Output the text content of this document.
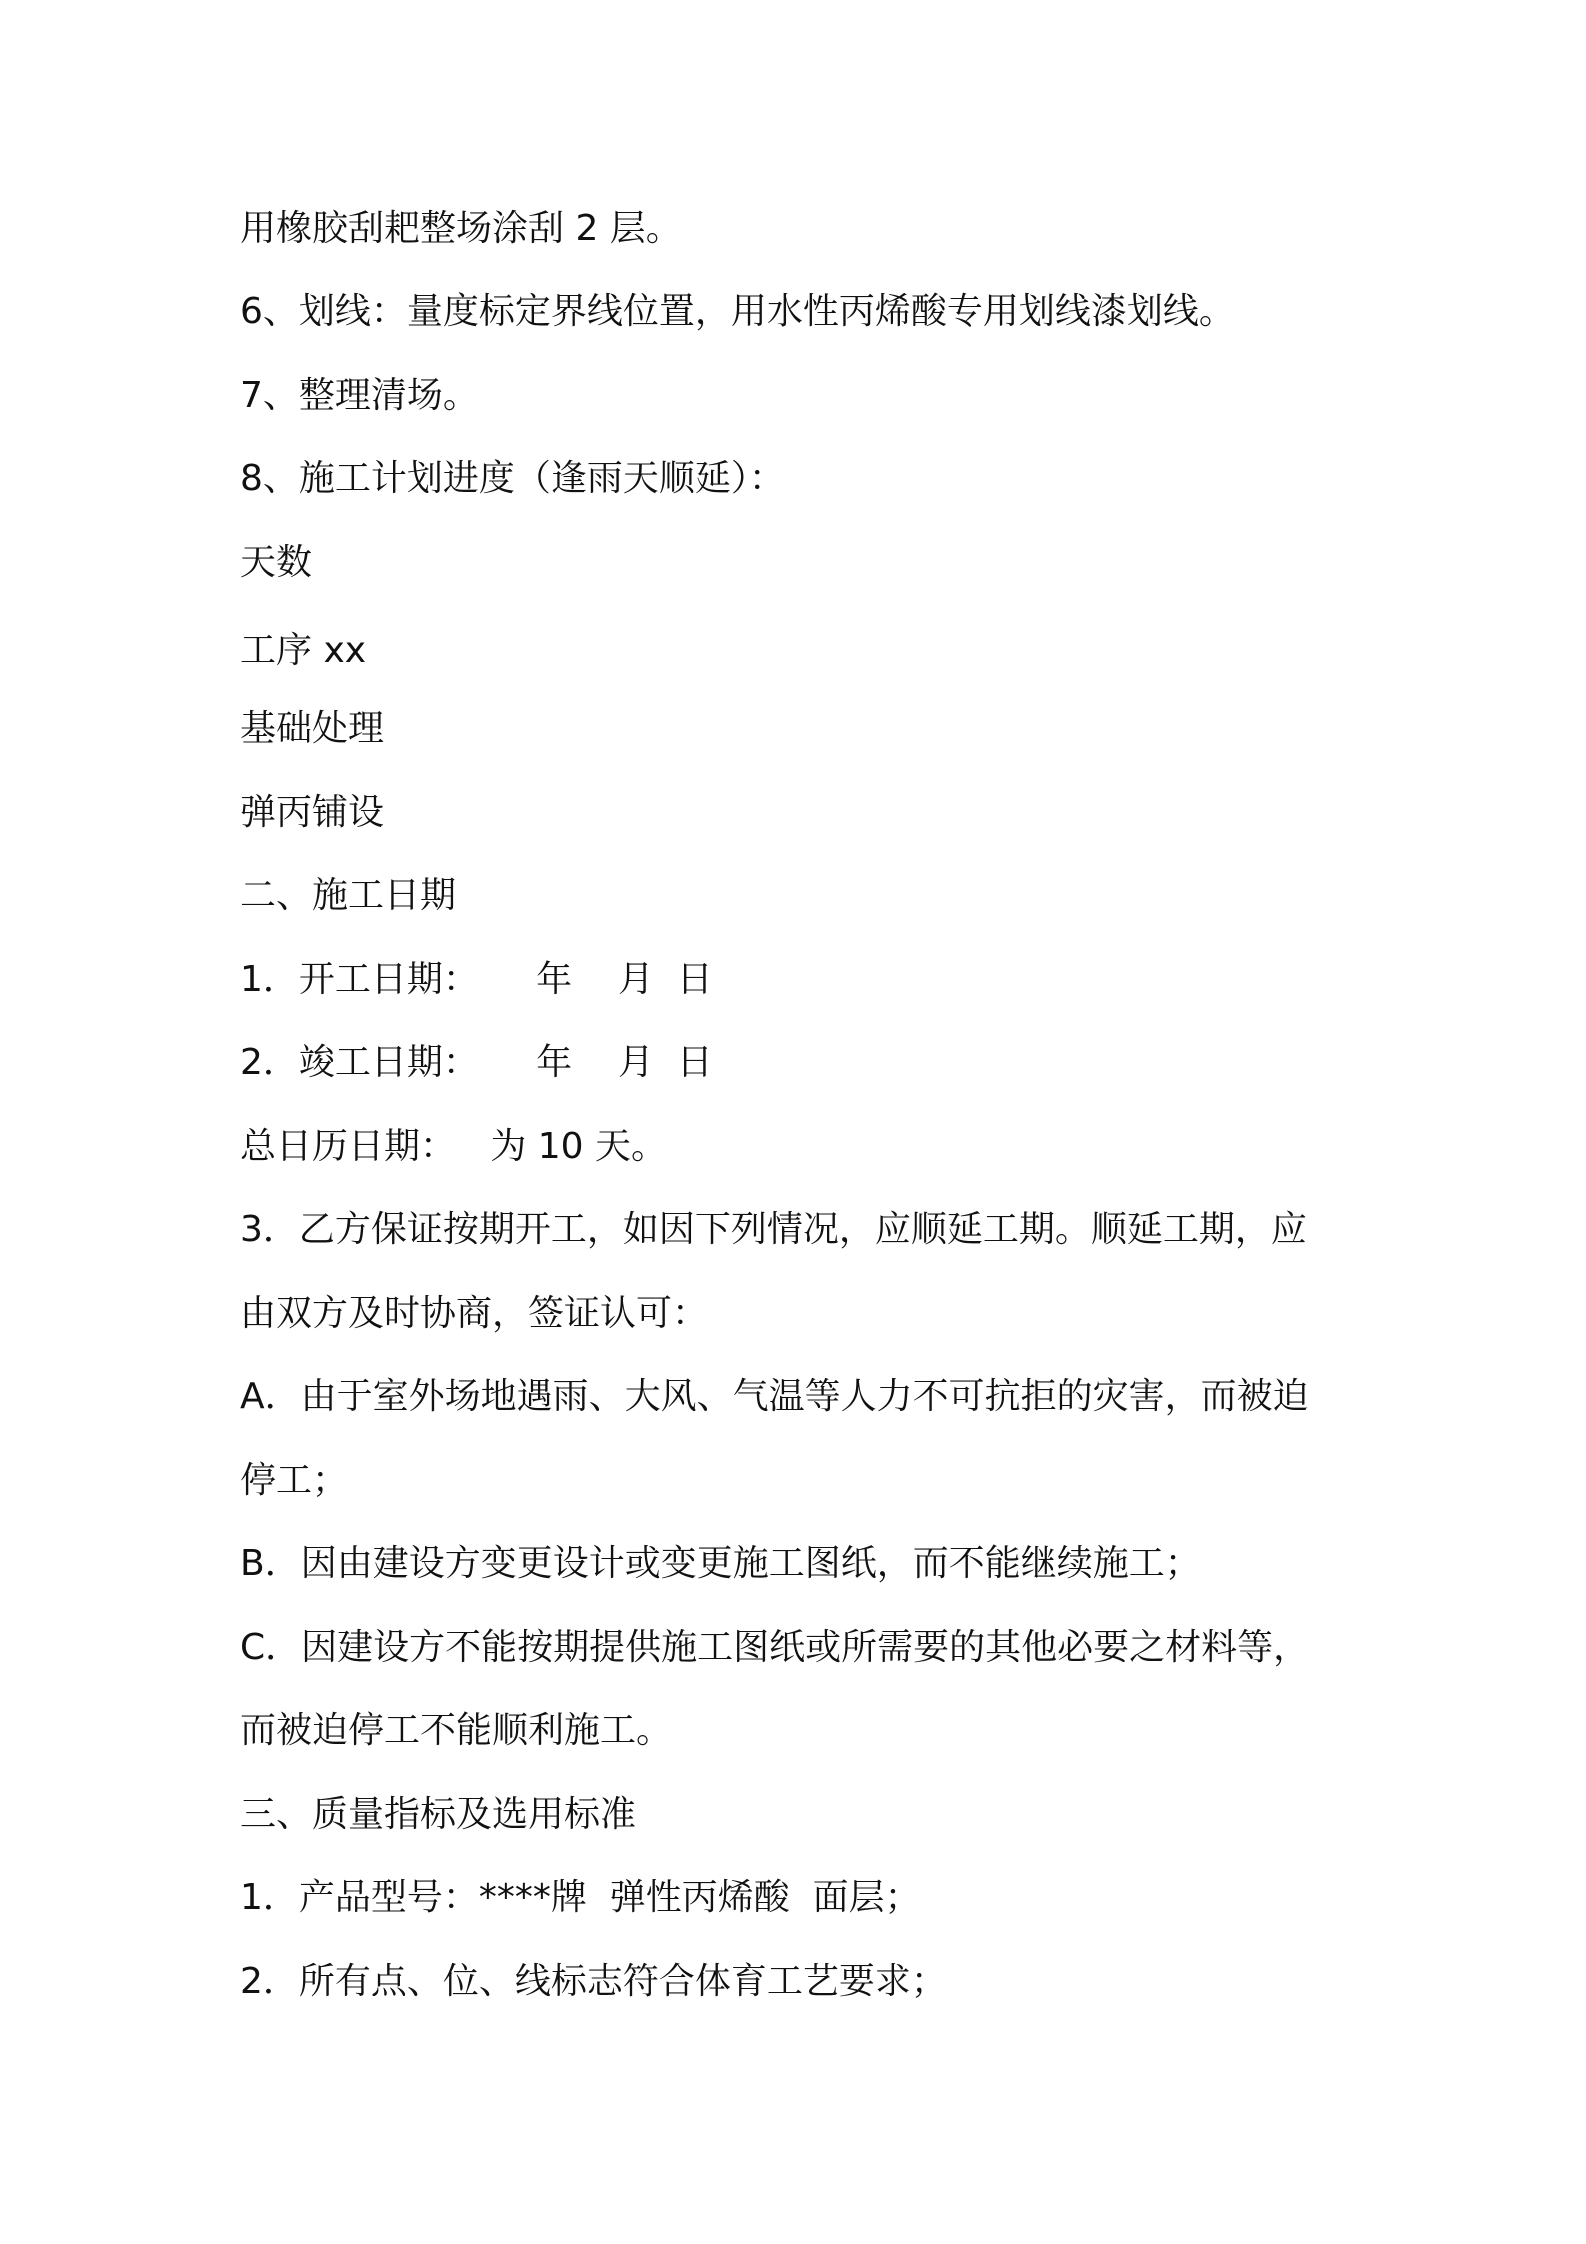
用橡胶刮耙整场涂刮 2 层。

6、划线：量度标定界线位置，用水性丙烯酸专用划线漆划线。

7、整理清场。

8、施工计划进度（逢雨天顺延）：

天数

工序 xx

基础处理

弹丙铺设

二、施工日期

1．开工日期：     年    月  日

2．竣工日期：     年    月  日

总日历日期：   为 10 天。

3．乙方保证按期开工，如因下列情况，应顺延工期。顺延工期，应

由双方及时协商，签证认可：

A．由于室外场地遇雨、大风、气温等人力不可抗拒的灾害，而被迫

停工；

B．因由建设方变更设计或变更施工图纸，而不能继续施工；

C．因建设方不能按期提供施工图纸或所需要的其他必要之材料等，

而被迫停工不能顺利施工。

三、质量指标及选用标准

1．产品型号：****牌  弹性丙烯酸  面层；

2．所有点、位、线标志符合体育工艺要求；
